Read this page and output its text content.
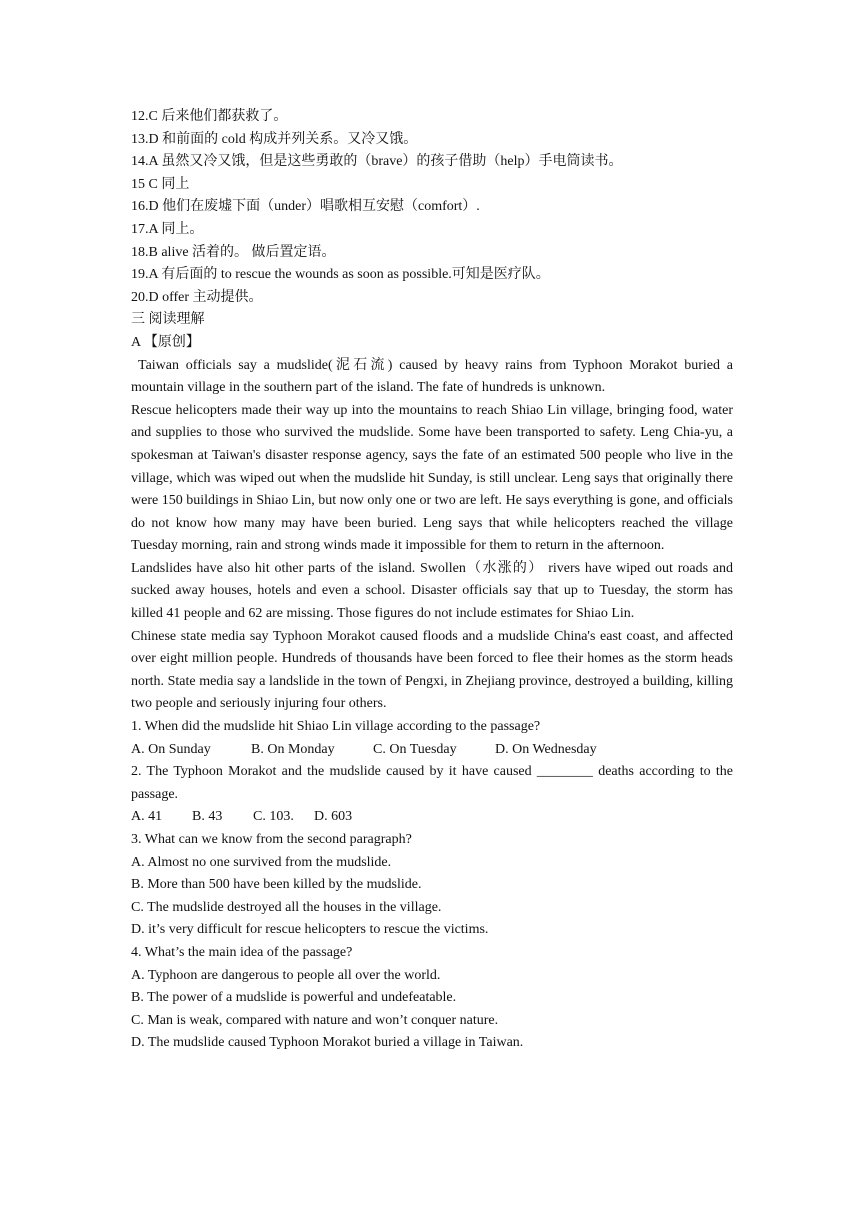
12.C 后来他们都获救了。
13.D 和前面的 cold 构成并列关系。又冷又饿。
14.A 虽然又冷又饿，但是这些勇敢的（brave）的孩子借助（help）手电筒读书。
15 C 同上
16.D 他们在废墟下面（under）唱歌相互安慰（comfort）.
17.A 同上。
18.B alive 活着的。 做后置定语。
19.A 有后面的 to rescue the wounds as soon as possible.可知是医疗队。
20.D offer 主动提供。
三 阅读理解
A 【原创】
Taiwan officials say a mudslide(泥石流) caused by heavy rains from Typhoon Morakot buried a mountain village in the southern part of the island. The fate of hundreds is unknown.
Rescue helicopters made their way up into the mountains to reach Shiao Lin village, bringing food, water and supplies to those who survived the mudslide. Some have been transported to safety. Leng Chia-yu, a spokesman at Taiwan's disaster response agency, says the fate of an estimated 500 people who live in the village, which was wiped out when the mudslide hit Sunday, is still unclear. Leng says that originally there were 150 buildings in Shiao Lin, but now only one or two are left. He says everything is gone, and officials do not know how many may have been buried. Leng says that while helicopters reached the village Tuesday morning, rain and strong winds made it impossible for them to return in the afternoon.
Landslides have also hit other parts of the island. Swollen（水涨的） rivers have wiped out roads and sucked away houses, hotels and even a school. Disaster officials say that up to Tuesday, the storm has killed 41 people and 62 are missing. Those figures do not include estimates for Shiao Lin.
Chinese state media say Typhoon Morakot caused floods and a mudslide China's east coast, and affected over eight million people. Hundreds of thousands have been forced to flee their homes as the storm heads north. State media say a landslide in the town of Pengxi, in Zhejiang province, destroyed a building, killing two people and seriously injuring four others.
1. When did the mudslide hit Shiao Lin village according to the passage?
A. On Sunday	B. On Monday	C. On Tuesday	D. On Wednesday
2. The Typhoon Morakot and the mudslide caused by it have caused ________ deaths according to the passage.
A. 41 B. 43 C. 103. D. 603
3. What can we know from the second paragraph?
A. Almost no one survived from the mudslide.
B. More than 500 have been killed by the mudslide.
C. The mudslide destroyed all the houses in the village.
D. it’s very difficult for rescue helicopters to rescue the victims.
4. What’s the main idea of the passage?
A. Typhoon are dangerous to people all over the world.
B. The power of a mudslide is powerful and undefeatable.
C. Man is weak, compared with nature and won’t conquer nature.
D. The mudslide caused Typhoon Morakot buried a village in Taiwan.
